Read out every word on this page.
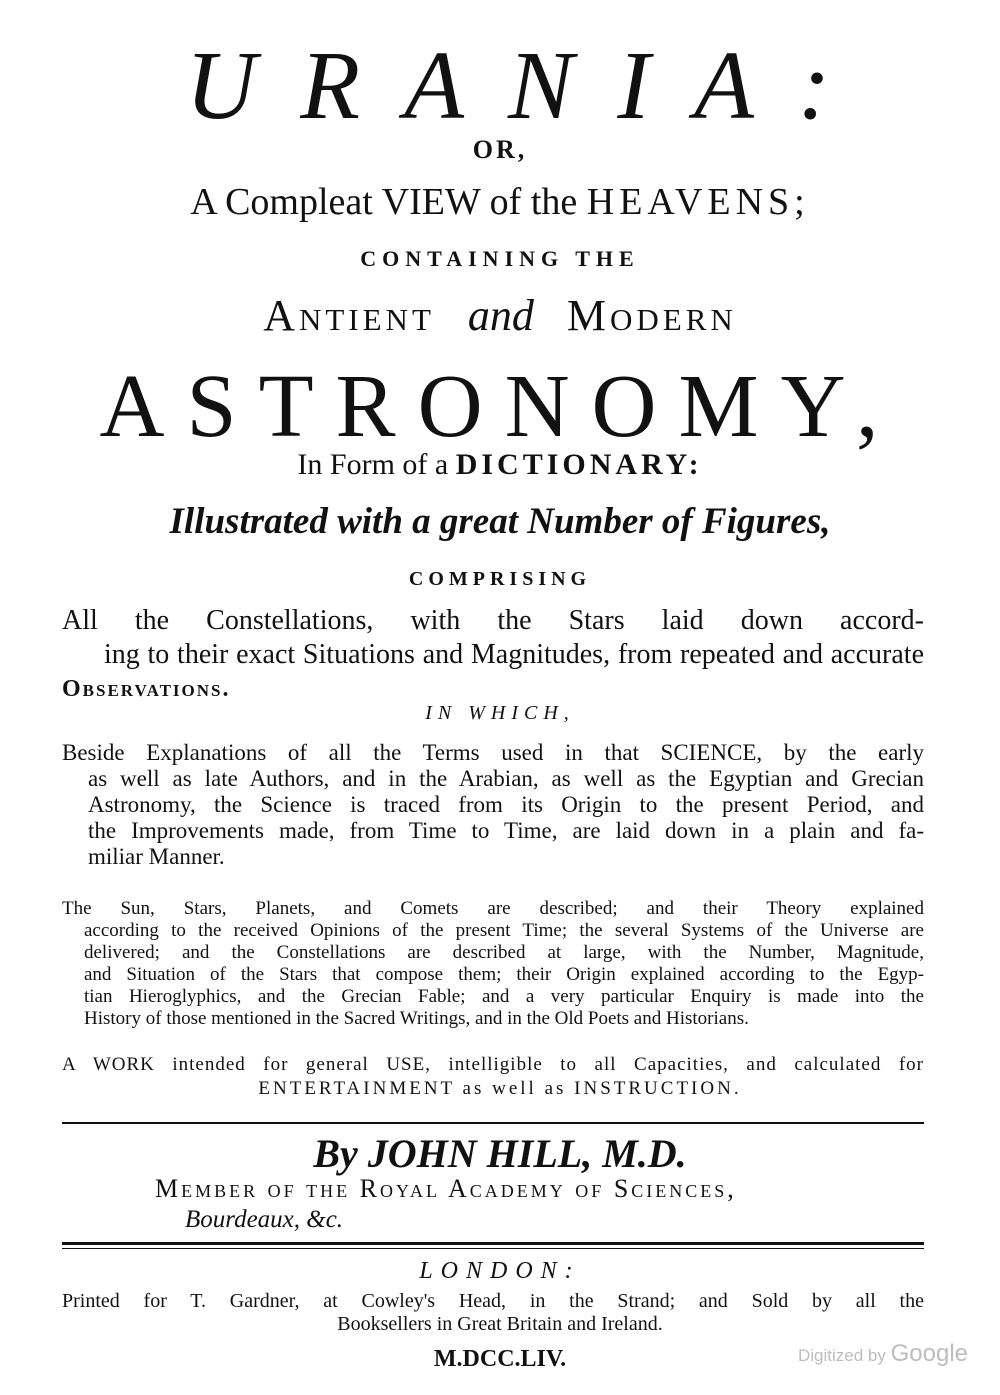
URANIA:
OR,
A Compleat VIEW of the HEAVENS;
CONTAINING THE
Antient and Modern
ASTRONOMY,
In Form of a DICTIONARY:
Illustrated with a great Number of Figures,
COMPRISING
All the Constellations, with the Stars laid down accord-
ing to their exact Situations and Magnitudes, from repeated and accurate
Observations.
IN WHICH,
Beside Explanations of all the Terms used in that SCIENCE, by the early
as well as late Authors, and in the Arabian, as well as the Egyptian and Grecian
Astronomy, the Science is traced from its Origin to the present Period, and
the Improvements made, from Time to Time, are laid down in a plain and fa-
miliar Manner.
The Sun, Stars, Planets, and Comets are described; and their Theory explained
according to the received Opinions of the present Time; the several Systems of the Universe are
delivered; and the Constellations are described at large, with the Number, Magnitude,
and Situation of the Stars that compose them; their Origin explained according to the Egyp-
tian Hieroglyphics, and the Grecian Fable; and a very particular Enquiry is made into the
History of those mentioned in the Sacred Writings, and in the Old Poets and Historians.
A WORK intended for general USE, intelligible to all Capacities, and calculated for
ENTERTAINMENT as well as INSTRUCTION.
By JOHN HILL, M.D.
Member of the Royal Academy of Sciences,
Bourdeaux, &c.
LONDON:
Printed for T. Gardner, at Cowley's Head, in the Strand; and Sold by all the
Booksellers in Great Britain and Ireland.
M.DCC.LIV.	Digitized by Google
